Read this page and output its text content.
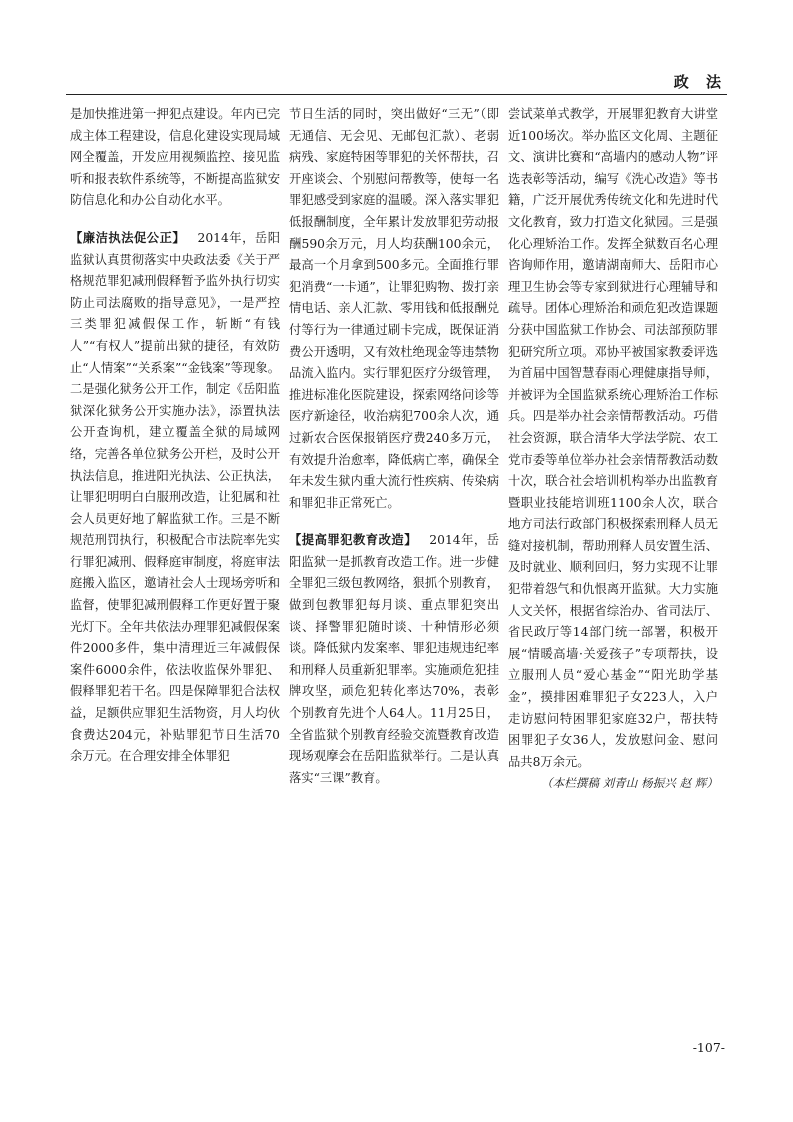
政 法

是加快推进第一押犯点建设。年内已完成主体工程建设，信息化建设实现局域网全覆盖，开发应用视频监控、接见监听和报表软件系统等，不断提高监狱安防信息化和办公自动化水平。

【廉洁执法促公正】  2014年，岳阳监狱认真贯彻落实中央政法委《关于严格规范罪犯减刑假释暂予监外执行切实防止司法腐败的指导意见》，一是严控三类罪犯减假保工作，斩断“有钱人”“有权人”提前出狱的捷径，有效防止“人情案”“关系案”“金钱案”等现象。二是强化狱务公开工作，制定《岳阳监狱深化狱务公开实施办法》，添置执法公开查询机，建立覆盖全狱的局域网络，完善各单位狱务公开栏，及时公开执法信息，推进阳光执法、公正执法，让罪犯明明白白服刑改造，让犯属和社会人员更好地了解监狱工作。三是不断规范刑罚执行，积极配合市法院率先实行罪犯减刑、假释庭审制度，将庭审法庭搬入监区，邀请社会人士现场旁听和监督，使罪犯减刑假释工作更好置于聚光灯下。全年共依法办理罪犯减假保案件2000多件，集中清理近三年减假保案件6000余件，依法收监保外罪犯、假释罪犯若干名。四是保障罪犯合法权益，足额供应罪犯生活物资，月人均伙食费达204元，补贴罪犯节日生活70余万元。在合理安排全体罪犯

节日生活的同时，突出做好“三无”（即无通信、无会见、无邮包汇款）、老弱病残、家庭特困等罪犯的关怀帮扶，召开座谈会、个别慰问帮教等，使每一名罪犯感受到家庭的温暖。深入落实罪犯低报酬制度，全年累计发放罪犯劳动报酬590余万元，月人均获酬100余元，最高一个月拿到500多元。全面推行罪犯消费“一卡通”，让罪犯购物、拨打亲情电话、亲人汇款、零用钱和低报酬兑付等行为一律通过刷卡完成，既保证消费公开透明，又有效杜绝现金等违禁物品流入监内。实行罪犯医疗分级管理，推进标准化医院建设，探索网络问诊等医疗新途径，收治病犯700余人次，通过新农合医保报销医疗费240多万元，有效提升治愈率，降低病亡率，确保全年未发生狱内重大流行性疾病、传染病和罪犯非正常死亡。

【提高罪犯教育改造】  2014年，岳阳监狱一是抓教育改造工作。进一步健全罪犯三级包教网络，狠抓个别教育，做到包教罪犯每月谈、重点罪犯突出谈、择警罪犯随时谈、十种情形必须谈。降低狱内发案率、罪犯违规违纪率和刑释人员重新犯罪率。实施顽危犯挂牌攻坚，顽危犯转化率达70%，表彰个别教育先进个人64人。11月25日，全省监狱个别教育经验交流暨教育改造现场观摩会在岳阳监狱举行。二是认真落实“三课”教育。

尝试菜单式教学，开展罪犯教育大讲堂近100场次。举办监区文化周、主题征文、演讲比赛和“高墙内的感动人物”评选表彰等活动，编写《洗心改造》等书籍，广泛开展优秀传统文化和先进时代文化教育，致力打造文化狱园。三是强化心理矫治工作。发挥全狱数百名心理咨询师作用，邀请湖南师大、岳阳市心理卫生协会等专家到狱进行心理辅导和疏导。团体心理矫治和顽危犯改造课题分获中国监狱工作协会、司法部预防罪犯研究所立项。邓协平被国家教委评选为首届中国智慧春雨心理健康指导师，并被评为全国监狱系统心理矫治工作标兵。四是举办社会亲情帮教活动。巧借社会资源，联合清华大学法学院、农工党市委等单位举办社会亲情帮教活动数十次，联合社会培训机构举办出监教育暨职业技能培训班1100余人次，联合地方司法行政部门积极探索刑释人员无缝对接机制，帮助刑释人员安置生活、及时就业、顺利回归，努力实现不让罪犯带着怨气和仇恨离开监狱。大力实施人文关怀，根据省综治办、省司法厅、省民政厅等14部门统一部署，积极开展“情暖高墙·关爱孩子”专项帮扶，设立服刑人员“爱心基金”“阳光助学基金”，摸排困难罪犯子女223人，入户走访慰问特困罪犯家庭32户，帮扶特困罪犯子女36人，发放慰问金、慰问品共8万余元。

（本栏撰稿 刘青山 杨振兴 赵 辉）

-107-
